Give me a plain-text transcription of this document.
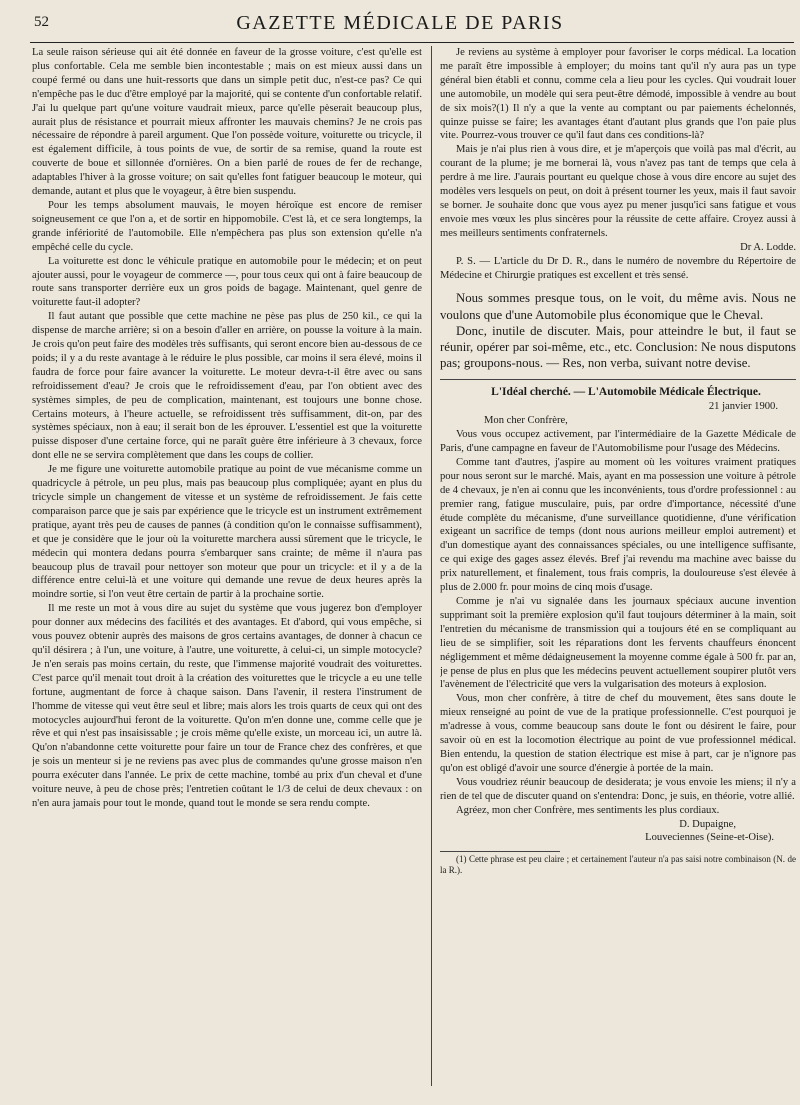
52	GAZETTE MÉDICALE DE PARIS

La seule raison sérieuse qui ait été donnée en faveur de la grosse voiture, c'est qu'elle est plus confortable. Cela me semble bien incontestable ; mais on est mieux aussi dans un coupé fermé ou dans une huit-ressorts que dans un simple petit duc, n'est-ce pas? Ce qui n'empêche pas le duc d'être employé par la majorité, qui se contente d'un confortable relatif. J'ai lu quelque part qu'une voiture vaudrait mieux, parce qu'elle pèserait beaucoup plus, aurait plus de résistance et pourrait mieux affronter les mauvais chemins? Je ne crois pas nécessaire de répondre à pareil argument. Que l'on possède voiture, voiturette ou tricycle, il est également difficile, à tous points de vue, de sortir de sa remise, quand la route est couverte de boue et sillonnée d'ornières. On a bien parlé de roues de fer de rechange, adaptables l'hiver à la grosse voiture; on sait qu'elles font fatiguer beaucoup le moteur, qui demande, autant et plus que le voyageur, à être bien suspendu.

Pour les temps absolument mauvais, le moyen héroïque est encore de remiser soigneusement ce que l'on a, et de sortir en hippomobile. C'est là, et ce sera longtemps, la grande infériorité de l'automobile. Elle n'empêchera pas plus son extension qu'elle n'a empêché celle du cycle.

La voiturette est donc le véhicule pratique en automobile pour le médecin; et on peut ajouter aussi, pour le voyageur de commerce —, pour tous ceux qui ont à faire beaucoup de route sans transporter derrière eux un gros poids de bagage. Maintenant, quel genre de voiturette faut-il adopter?

Il faut autant que possible que cette machine ne pèse pas plus de 250 kil., ce qui la dispense de marche arrière; si on a besoin d'aller en arrière, on pousse la voiture à la main. Je crois qu'on peut faire des modèles très suffisants, qui seront encore bien au-dessous de ce poids; il y a du reste avantage à le réduire le plus possible, car moins il sera élevé, moins il faudra de force pour faire avancer la voiturette. Le moteur devra-t-il être avec ou sans refroidissement d'eau? Je crois que le refroidissement d'eau, par l'on obtient avec des systèmes simples, de peu de complication, maintenant, est toujours une bonne chose. Certains moteurs, à l'heure actuelle, se refroidissent très suffisamment, dit-on, par des systèmes spéciaux, non à eau; il serait bon de les éprouver. L'essentiel est que la voiturette puisse disposer d'une certaine force, qui ne paraît guère être inférieure à 3 chevaux, force dont elle ne se servira complètement que dans les coups de collier.

Je me figure une voiturette automobile pratique au point de vue mécanisme comme un quadricycle à pétrole, un peu plus, mais pas beaucoup plus compliquée; ayant en plus du tricycle simple un changement de vitesse et un système de refroidissement. Je fais cette comparaison parce que je sais par expérience que le tricycle est un instrument extrêmement pratique, ayant très peu de causes de pannes (à condition qu'on le connaisse suffisamment), et que je considère que le jour où la voiturette marchera aussi sûrement que le tricycle, le médecin qui montera dedans pourra s'embarquer sans crainte; de même il n'aura pas beaucoup plus de travail pour nettoyer son moteur que pour un tricycle: et il y a de la différence entre celui-là et une voiture qui demande une revue de deux heures après la moindre sortie, si l'on veut être certain de partir à la prochaine sortie.

Il me reste un mot à vous dire au sujet du système que vous jugerez bon d'employer pour donner aux médecins des facilités et des avantages. Et d'abord, qui vous empêche, si vous pouvez obtenir auprès des maisons de gros certains avantages, de donner à chacun ce qu'il désirera ; à l'un, une voiture, à l'autre, une voiturette, à celui-ci, un simple motocycle? Je n'en serais pas moins certain, du reste, que l'immense majorité voudrait des voiturettes. C'est parce qu'il menait tout droit à la création des voiturettes que le tricycle a eu une telle fortune, augmentant de force à chaque saison. Dans l'avenir, il restera l'instrument de l'homme de vitesse qui veut être seul et libre; mais alors les trois quarts de ceux qui ont des motocycles aujourd'hui feront de la voiturette. Qu'on m'en donne une, comme celle que je rêve et qui n'est pas insaisissable ; je crois même qu'elle existe, un morceau ici, un autre là. Qu'on n'abandonne cette voiturette pour faire un tour de France chez des confrères, et que je sois un menteur si je ne reviens pas avec plus de commandes qu'une grosse maison n'en pourra exécuter dans l'année. Le prix de cette machine, tombé au prix d'un cheval et d'une voiture neuve, à peu de chose près; l'entretien coûtant le 1/3 de celui de deux chevaux : on n'en aura jamais pour tout le monde, quand tout le monde se sera rendu compte.

Je reviens au système à employer pour favoriser le corps médical. La location me paraît être impossible à employer; du moins tant qu'il n'y aura pas un type général bien établi et connu, comme cela a lieu pour les cycles. Qui voudrait louer une automobile, un modèle qui sera peut-être démodé, impossible à vendre au bout de six mois?(1) Il n'y a que la vente au comptant ou par paiements échelonnés, quinze puisse se faire; les avantages étant d'autant plus grands que l'on paie plus vite. Pourrez-vous trouver ce qu'il faut dans ces conditions-là?

Mais je n'ai plus rien à vous dire, et je m'aperçois que voilà pas mal d'écrit, au courant de la plume; je me bornerai là, vous n'avez pas tant de temps que cela à perdre à me lire. J'aurais pourtant eu quelque chose à vous dire encore au sujet des modèles vers lesquels on peut, on doit à présent tourner les yeux, mais il faut savoir se borner. Je souhaite donc que vous ayez pu mener jusqu'ici sans fatigue et vous envoie mes vœux les plus sincères pour la réussite de cette affaire. Croyez aussi à mes meilleurs sentiments confraternels.

Dr A. Lodde.

P. S. — L'article du Dr D. R., dans le numéro de novembre du Répertoire de Médecine et Chirurgie pratiques est excellent et très sensé.

Nous sommes presque tous, on le voit, du même avis. Nous ne voulons que d'une Automobile plus économique que le Cheval.

Donc, inutile de discuter. Mais, pour atteindre le but, il faut se réunir, opérer par soi-même, etc., etc. Conclusion: Ne nous disputons pas; groupons-nous. — Res, non verba, suivant notre devise.

L'Idéal cherché. — L'Automobile Médicale Électrique.

21 janvier 1900.

Mon cher Confrère,

Vous vous occupez activement, par l'intermédiaire de la Gazette Médicale de Paris, d'une campagne en faveur de l'Automobilisme pour l'usage des Médecins.

Comme tant d'autres, j'aspire au moment où les voitures vraiment pratiques pour nous seront sur le marché. Mais, ayant en ma possession une voiture à pétrole de 4 chevaux, je n'en ai connu que les inconvénients, tous d'ordre professionnel : au premier rang, fatigue musculaire, puis, par ordre d'importance, nécessité d'une étude complète du mécanisme, d'une surveillance quotidienne, d'une vérification exigeant un sacrifice de temps (dont nous aurions meilleur emploi autrement) et d'un domestique ayant des connaissances spéciales, ou une intelligence suffisante, ce qui exige des gages assez élevés. Bref j'ai revendu ma machine avec baisse du prix naturellement, et finalement, tous frais compris, la douloureuse s'est élevée à plus de 2.000 fr. pour moins de cinq mois d'usage.

Comme je n'ai vu signalée dans les journaux spéciaux aucune invention supprimant soit la première explosion qu'il faut toujours déterminer à la main, soit l'entretien du mécanisme de transmission qui a toujours été en se compliquant au lieu de se simplifier, soit les réparations dont les fervents chauffeurs énoncent négligemment et même dédaigneusement la moyenne comme égale à 500 fr. par an, je pense de plus en plus que les médecins peuvent actuellement soupirer plutôt vers l'avènement de l'électricité que vers la vulgarisation des moteurs à explosion.

Vous, mon cher confrère, à titre de chef du mouvement, êtes sans doute le mieux renseigné au point de vue de la pratique professionnelle. C'est pourquoi je m'adresse à vous, comme beaucoup sans doute le font ou désirent le faire, pour savoir où en est la locomotion électrique au point de vue professionnel médical. Bien entendu, la question de station électrique est mise à part, car je n'ignore pas qu'on est obligé d'avoir une source d'énergie à portée de la main.

Vous voudriez réunir beaucoup de desiderata; je vous envoie les miens; il n'y a rien de tel que de discuter quand on s'entendra: Donc, je suis, en théorie, votre allié.

Agréez, mon cher Confrère, mes sentiments les plus cordiaux.

D. Dupaigne,

Louveciennes (Seine-et-Oise).

(1) Cette phrase est peu claire ; et certainement l'auteur n'a pas saisi notre combinaison (N. de la R.).
